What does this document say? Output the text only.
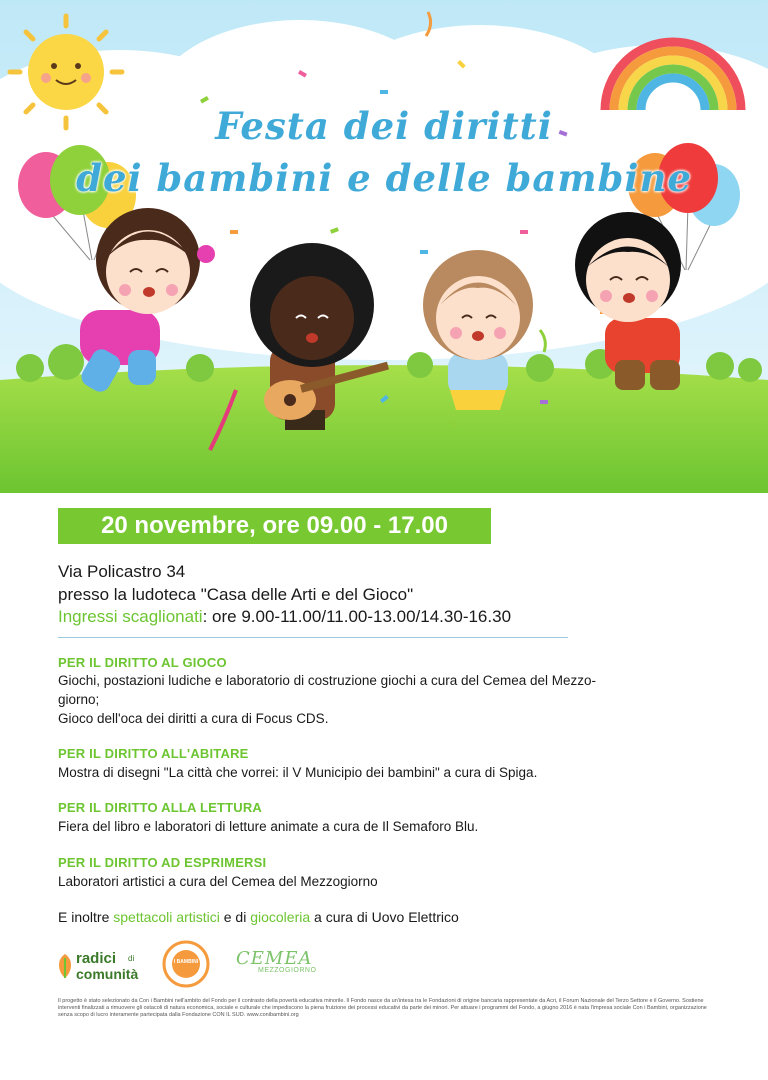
Festa dei diritti
dei bambini e delle bambine
20 novembre, ore 09.00 - 17.00
Via Policastro 34
presso la ludoteca "Casa delle Arti e del Gioco"
Ingressi scaglionati: ore 9.00-11.00/11.00-13.00/14.30-16.30
PER IL DIRITTO AL GIOCO
Giochi, postazioni ludiche e laboratorio di costruzione giochi a cura del Cemea del Mezzo-
giorno;
Gioco dell'oca dei diritti a cura di Focus CDS.
PER IL DIRITTO ALL'ABITARE
Mostra di disegni "La città che vorrei: il V Municipio dei bambini" a cura di Spiga.
PER IL DIRITTO ALLA LETTURA
Fiera del libro e laboratori di letture animate a cura de Il Semaforo Blu.
PER IL DIRITTO AD ESPRIMERSI
Laboratori artistici a cura del Cemea del Mezzogiorno
E inoltre spettacoli artistici e di giocoleria a cura di Uovo Elettrico
radici di
comunità
I BAMBINI	CEMEA
MEZZOGIORNO
Il progetto è stato selezionato da Con i Bambini nell'ambito del Fondo per il contrasto della povertà educativa minorile. Il Fondo nasce da un'intesa tra le Fondazioni di origine bancaria rappresentate da Acri, il Forum Nazionale del Terzo Settore e il Governo. Sostiene interventi finalizzati a rimuovere gli ostacoli di natura economica, sociale e culturale che impediscono la piena fruizione dei processi educativi da parte dei minori. Per attuare i programmi del Fondo, a giugno 2016 è nata l'impresa sociale Con i Bambini, organizzazione senza scopo di lucro interamente partecipata dalla Fondazione CON IL SUD. www.conibambini.org
